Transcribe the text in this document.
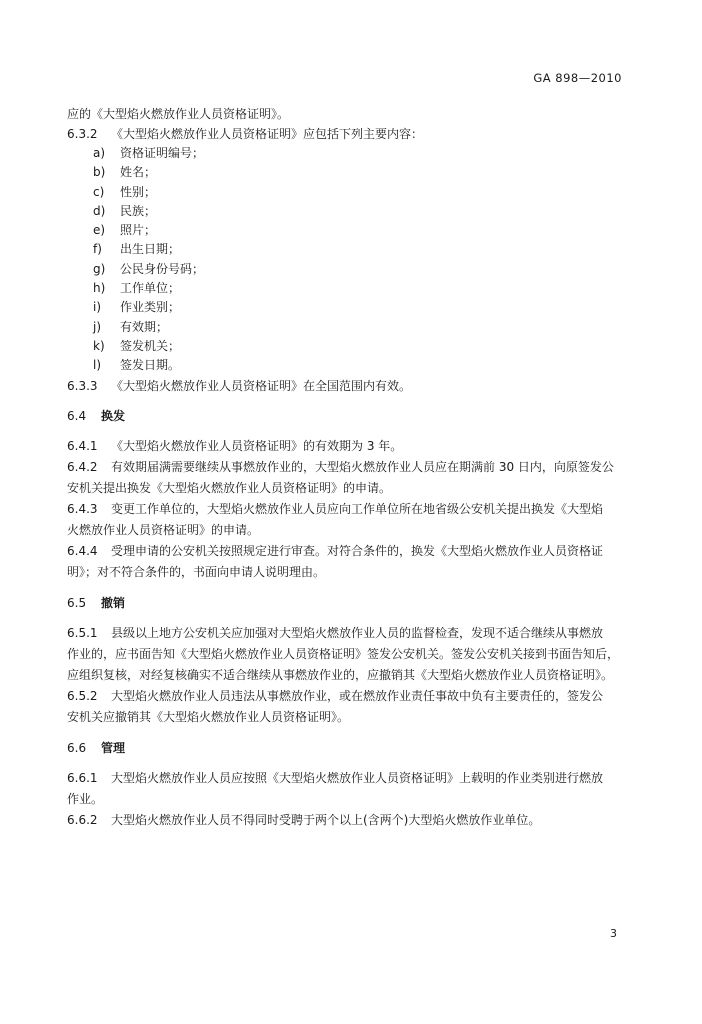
GA 898—2010
应的《大型焰火燃放作业人员资格证明》。
6.3.2 《大型焰火燃放作业人员资格证明》应包括下列主要内容：
a) 资格证明编号；
b) 姓名；
c) 性别；
d) 民族；
e) 照片；
f) 出生日期；
g) 公民身份号码；
h) 工作单位；
i) 作业类别；
j) 有效期；
k) 签发机关；
l) 签发日期。
6.3.3 《大型焰火燃放作业人员资格证明》在全国范围内有效。
6.4 换发
6.4.1 《大型焰火燃放作业人员资格证明》的有效期为 3 年。
6.4.2 有效期届满需要继续从事燃放作业的，大型焰火燃放作业人员应在期满前 30 日内，向原签发公
安机关提出换发《大型焰火燃放作业人员资格证明》的申请。
6.4.3 变更工作单位的，大型焰火燃放作业人员应向工作单位所在地省级公安机关提出换发《大型焰
火燃放作业人员资格证明》的申请。
6.4.4 受理申请的公安机关按照规定进行审查。对符合条件的，换发《大型焰火燃放作业人员资格证
明》；对不符合条件的，书面向申请人说明理由。
6.5 撤销
6.5.1 县级以上地方公安机关应加强对大型焰火燃放作业人员的监督检查，发现不适合继续从事燃放
作业的，应书面告知《大型焰火燃放作业人员资格证明》签发公安机关。签发公安机关接到书面告知后，
应组织复核，对经复核确实不适合继续从事燃放作业的，应撤销其《大型焰火燃放作业人员资格证明》。
6.5.2 大型焰火燃放作业人员违法从事燃放作业，或在燃放作业责任事故中负有主要责任的，签发公
安机关应撤销其《大型焰火燃放作业人员资格证明》。
6.6 管理
6.6.1 大型焰火燃放作业人员应按照《大型焰火燃放作业人员资格证明》上载明的作业类别进行燃放
作业。
6.6.2 大型焰火燃放作业人员不得同时受聘于两个以上(含两个)大型焰火燃放作业单位。
3
